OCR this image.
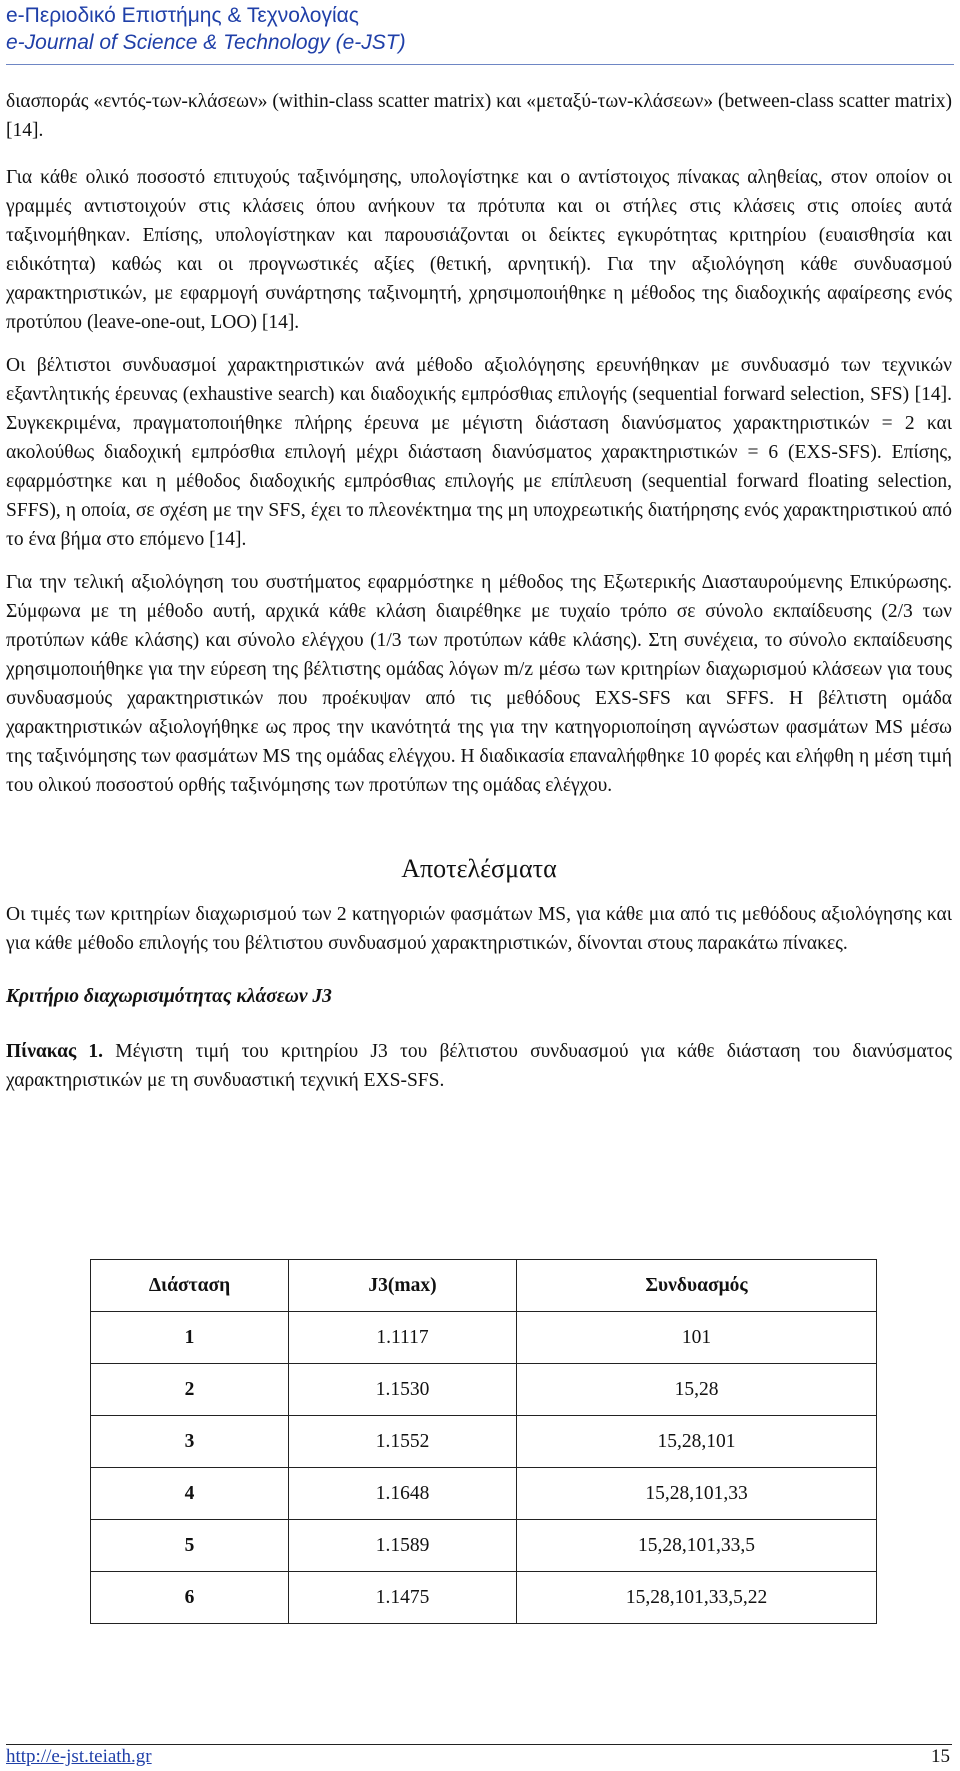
e-Περιοδικό Επιστήμης & Τεχνολογίας
e-Journal of Science & Technology (e-JST)

διασποράς «εντός-των-κλάσεων» (within-class scatter matrix) και «μεταξύ-των-κλάσεων» (between-class scatter matrix) [14].

Για κάθε ολικό ποσοστό επιτυχούς ταξινόμησης, υπολογίστηκε και ο αντίστοιχος πίνακας αληθείας, στον οποίον οι γραμμές αντιστοιχούν στις κλάσεις όπου ανήκουν τα πρότυπα και οι στήλες στις κλάσεις στις οποίες αυτά ταξινομήθηκαν. Επίσης, υπολογίστηκαν και παρουσιάζονται οι δείκτες εγκυρότητας κριτηρίου (ευαισθησία και ειδικότητα) καθώς και οι προγνωστικές αξίες (θετική, αρνητική). Για την αξιολόγηση κάθε συνδυασμού χαρακτηριστικών, με εφαρμογή συνάρτησης ταξινομητή, χρησιμοποιήθηκε η μέθοδος της διαδοχικής αφαίρεσης ενός προτύπου (leave-one-out, LOO) [14].

Οι βέλτιστοι συνδυασμοί χαρακτηριστικών ανά μέθοδο αξιολόγησης ερευνήθηκαν με συνδυασμό των τεχνικών εξαντλητικής έρευνας (exhaustive search) και διαδοχικής εμπρόσθιας επιλογής (sequential forward selection, SFS) [14]. Συγκεκριμένα, πραγματοποιήθηκε πλήρης έρευνα με μέγιστη διάσταση διανύσματος χαρακτηριστικών = 2 και ακολούθως διαδοχική εμπρόσθια επιλογή μέχρι διάσταση διανύσματος χαρακτηριστικών = 6 (EXS-SFS). Επίσης, εφαρμόστηκε και η μέθοδος διαδοχικής εμπρόσθιας επιλογής με επίπλευση (sequential forward floating selection, SFFS), η οποία, σε σχέση με την SFS, έχει το πλεονέκτημα της μη υποχρεωτικής διατήρησης ενός χαρακτηριστικού από το ένα βήμα στο επόμενο [14].

Για την τελική αξιολόγηση του συστήματος εφαρμόστηκε η μέθοδος της Εξωτερικής Διασταυρούμενης Επικύρωσης. Σύμφωνα με τη μέθοδο αυτή, αρχικά κάθε κλάση διαιρέθηκε με τυχαίο τρόπο σε σύνολο εκπαίδευσης (2/3 των προτύπων κάθε κλάσης) και σύνολο ελέγχου (1/3 των προτύπων κάθε κλάσης). Στη συνέχεια, το σύνολο εκπαίδευσης χρησιμοποιήθηκε για την εύρεση της βέλτιστης ομάδας λόγων m/z μέσω των κριτηρίων διαχωρισμού κλάσεων για τους συνδυασμούς χαρακτηριστικών που προέκυψαν από τις μεθόδους EXS-SFS και SFFS. Η βέλτιστη ομάδα χαρακτηριστικών αξιολογήθηκε ως προς την ικανότητά της για την κατηγοριοποίηση αγνώστων φασμάτων MS μέσω της ταξινόμησης των φασμάτων MS της ομάδας ελέγχου. Η διαδικασία επαναλήφθηκε 10 φορές και ελήφθη η μέση τιμή του ολικού ποσοστού ορθής ταξινόμησης των προτύπων της ομάδας ελέγχου.

Αποτελέσματα

Οι τιμές των κριτηρίων διαχωρισμού των 2 κατηγοριών φασμάτων MS, για κάθε μια από τις μεθόδους αξιολόγησης και για κάθε μέθοδο επιλογής του βέλτιστου συνδυασμού χαρακτηριστικών, δίνονται στους παρακάτω πίνακες.

Κριτήριο διαχωρισιμότητας κλάσεων J3

Πίνακας 1. Μέγιστη τιμή του κριτηρίου J3 του βέλτιστου συνδυασμού για κάθε διάσταση του διανύσματος χαρακτηριστικών με τη συνδυαστική τεχνική EXS-SFS.

Διάσταση	J3(max)	Συνδυασμός
1	1.1117	101
2	1.1530	15,28
3	1.1552	15,28,101
4	1.1648	15,28,101,33
5	1.1589	15,28,101,33,5
6	1.1475	15,28,101,33,5,22
http://e-jst.teiath.gr	15
